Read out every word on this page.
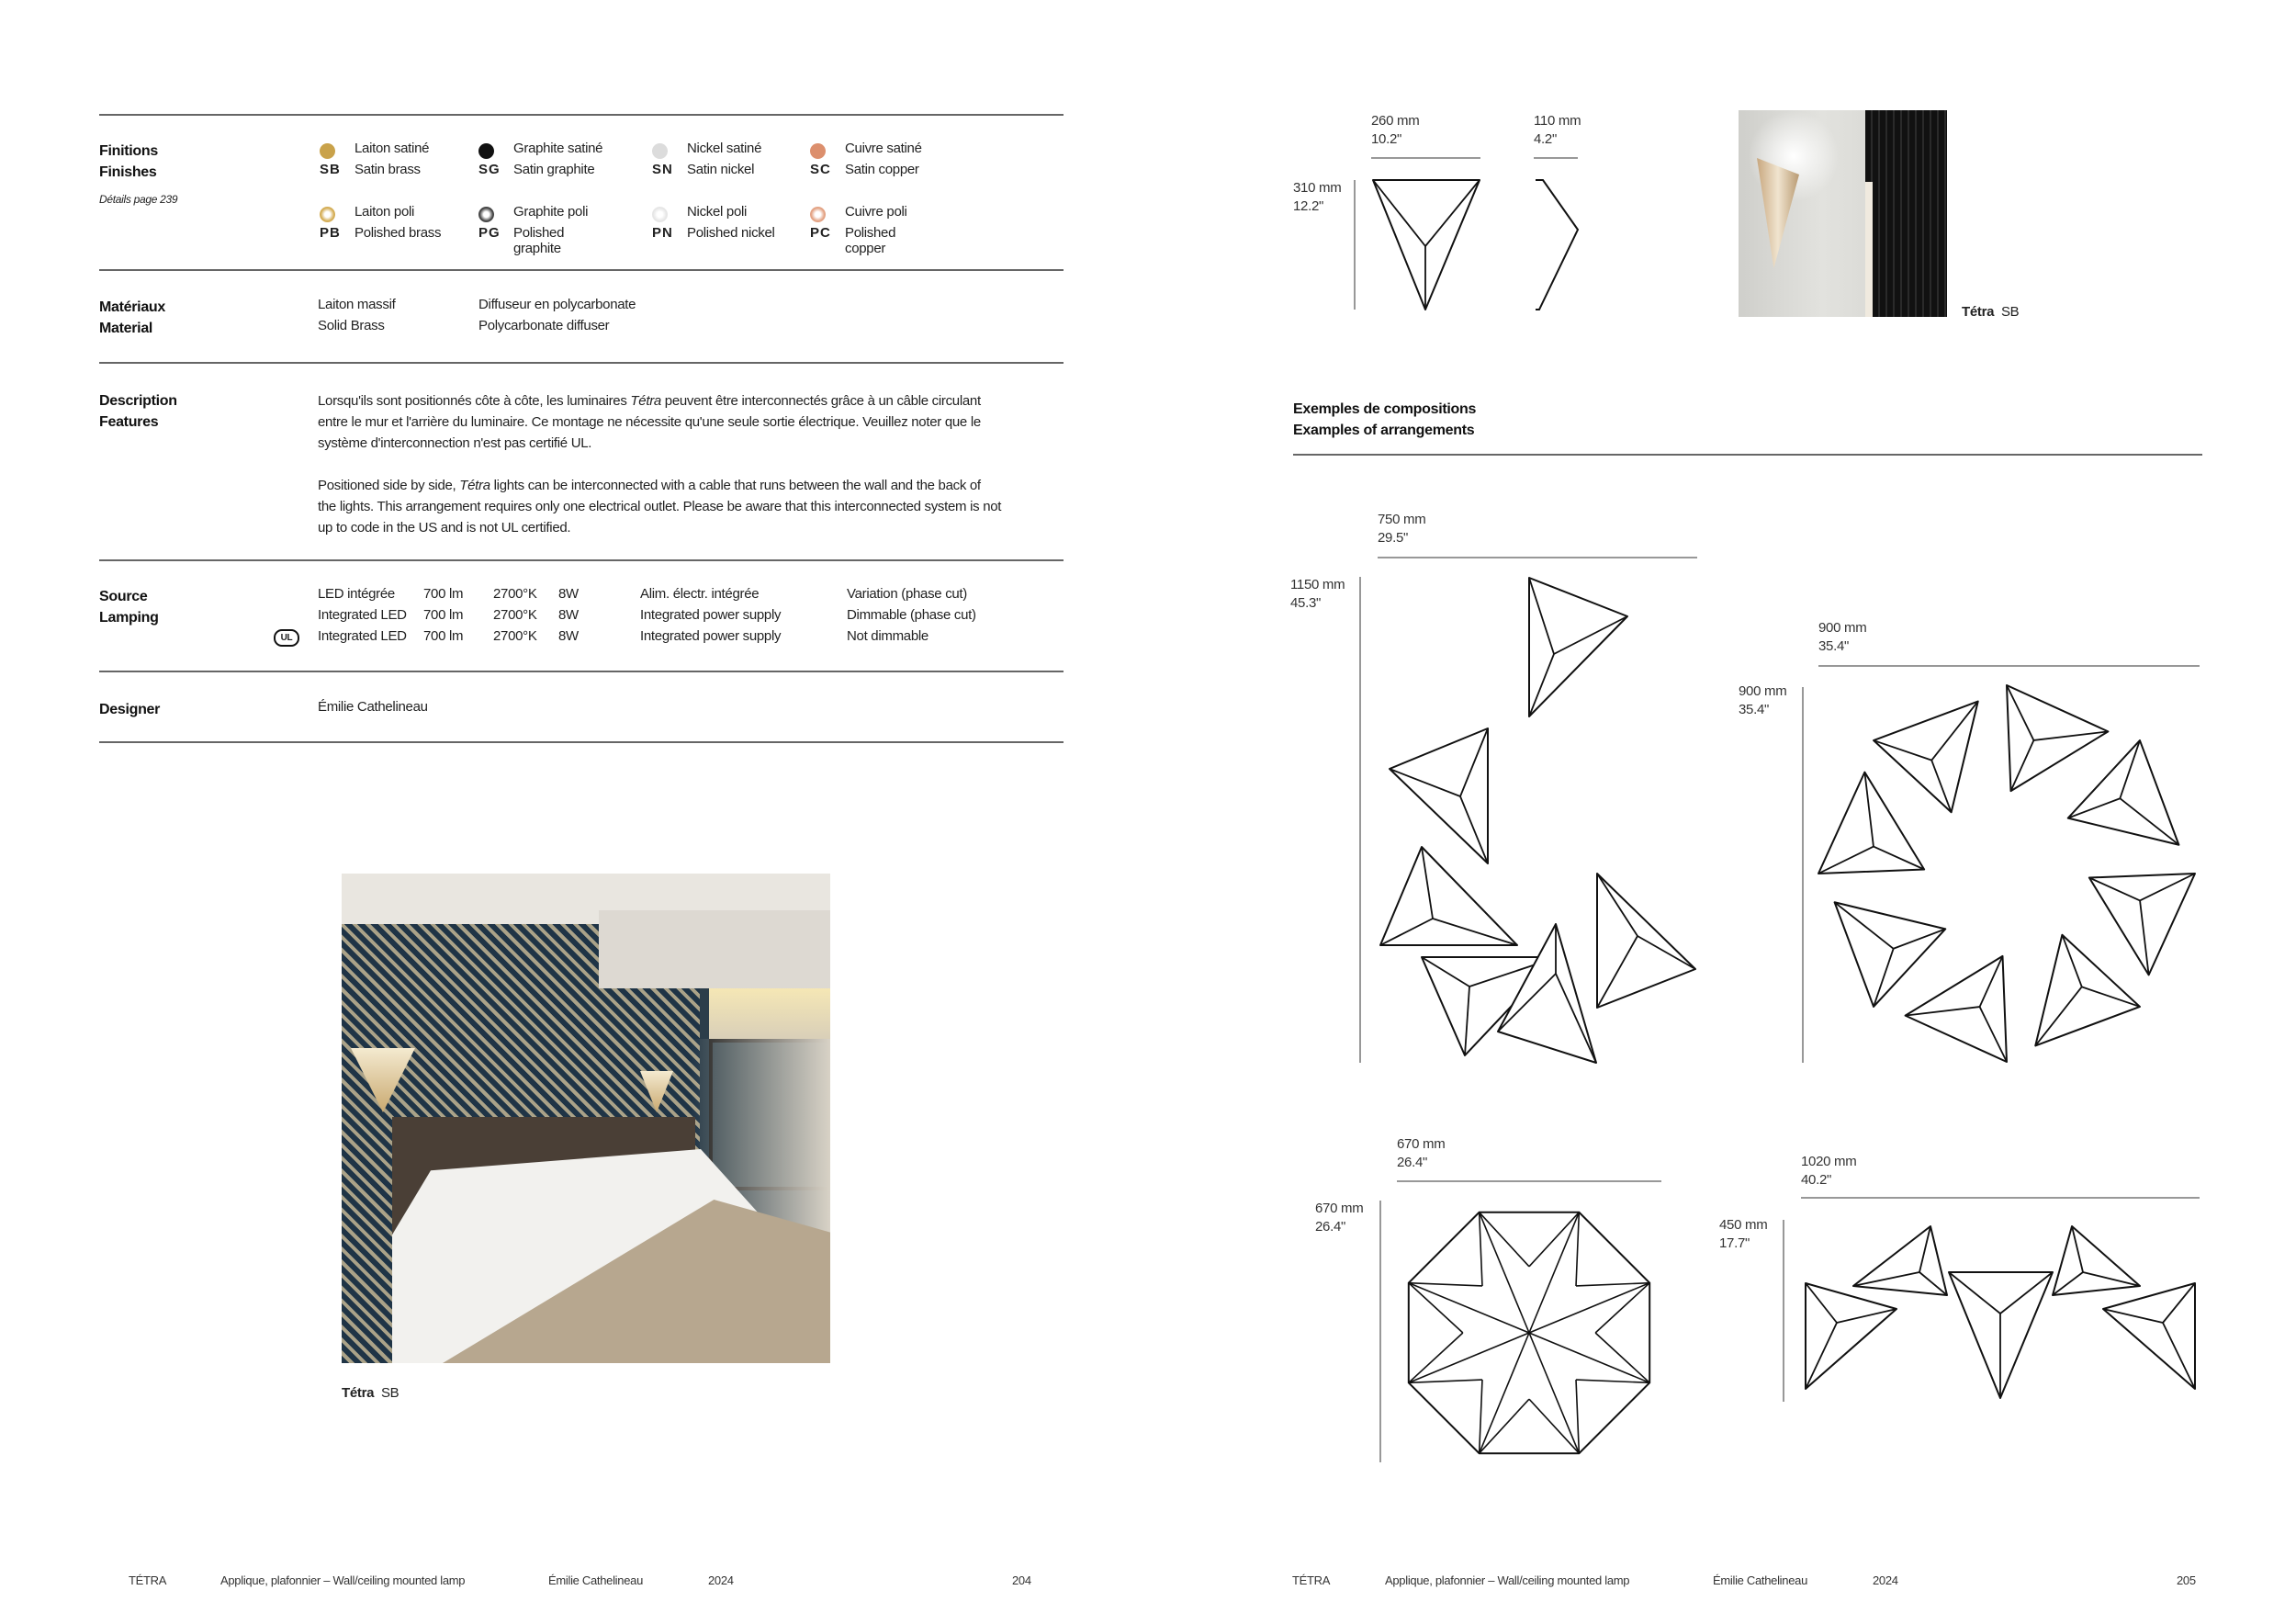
Finitions
Finishes
Détails page 239
Laiton satiné
SB Satin brass
Graphite satiné
SG Satin graphite
Nickel satiné
SN Satin nickel
Cuivre satiné
SC Satin copper
Laiton poli
PB Polished brass
Graphite poli
PG Polished graphite
Nickel poli
PN Polished nickel
Cuivre poli
PC Polished copper
Matériaux
Material
Laiton massif
Solid Brass
Diffuseur en polycarbonate
Polycarbonate diffuser
Description
Features
Lorsqu'ils sont positionnés côte à côte, les luminaires Tétra peuvent être interconnectés grâce à un câble circulant entre le mur et l'arrière du luminaire. Ce montage ne nécessite qu'une seule sortie électrique. Veuillez noter que le système d'interconnection n'est pas certifié UL.
Positioned side by side, Tétra lights can be interconnected with a cable that runs between the wall and the back of the lights. This arrangement requires only one electrical outlet. Please be aware that this interconnected system is not up to code in the US and is not UL certified.
Source
Lamping
UL
LED intégrée 700 lm 2700°K 8W	Alim. électr. intégrée	Variation (phase cut)
Integrated LED 700 lm 2700°K 8W	Integrated power supply	Dimmable (phase cut)
Integrated LED 700 lm 2700°K 8W	Integrated power supply	Not dimmable
Designer	Émilie Cathelineau
Tétra SB
260 mm
10.2"
110 mm
4.2"
310 mm
12.2"
Tétra SB
Exemples de compositions
Examples of arrangements
750 mm
29.5"
1150 mm
45.3"
900 mm
35.4"
900 mm
35.4"
670 mm
26.4"
670 mm
26.4"
1020 mm
40.2"
450 mm
17.7"
TÉTRA	Applique, plafonnier – Wall/ceiling mounted lamp	Émilie Cathelineau	2024	204	TÉTRA	Applique, plafonnier – Wall/ceiling mounted lamp	Émilie Cathelineau	2024	205
